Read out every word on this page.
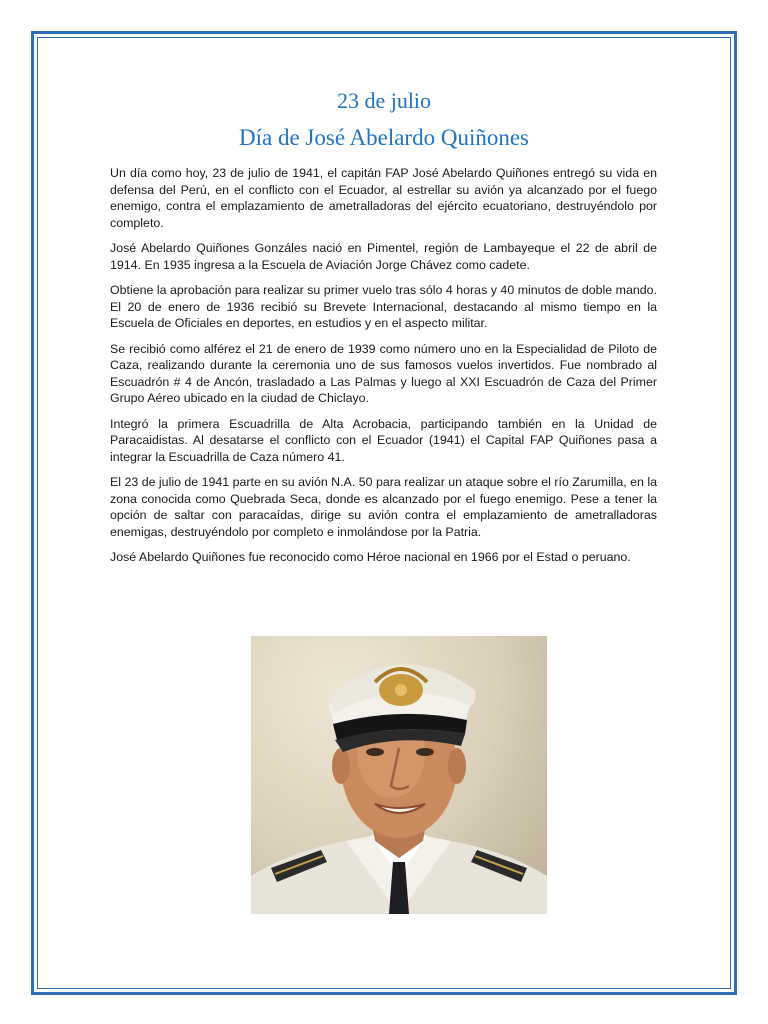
23 de julio
Día de José Abelardo Quiñones

Un día como hoy, 23 de julio de 1941, el capitán FAP José Abelardo Quiñones entregó su vida en defensa del Perú, en el conflicto con el Ecuador, al estrellar su avión ya alcanzado por el fuego enemigo, contra el emplazamiento de ametralladoras del ejército ecuatoriano, destruyéndolo por completo.

José Abelardo Quiñones Gonzáles nació en Pimentel, región de Lambayeque el 22 de abril de 1914. En 1935 ingresa a la Escuela de Aviación Jorge Chávez como cadete.

Obtiene la aprobación para realizar su primer vuelo tras sólo 4 horas y 40 minutos de doble mando. El 20 de enero de 1936 recibió su Brevete Internacional, destacando al mismo tiempo en la Escuela de Oficiales en deportes, en estudios y en el aspecto militar.

Se recibió como alférez el 21 de enero de 1939 como número uno en la Especialidad de Piloto de Caza, realizando durante la ceremonia uno de sus famosos vuelos invertidos. Fue nombrado al Escuadrón # 4 de Ancón, trasladado a Las Palmas y luego al XXI Escuadrón de Caza del Primer Grupo Aéreo ubicado en la ciudad de Chiclayo.

Integró la primera Escuadrilla de Alta Acrobacia, participando también en la Unidad de Paracaidistas. Al desatarse el conflicto con el Ecuador (1941) el Capital FAP Quiñones pasa a integrar la Escuadrilla de Caza número 41.

El 23 de julio de 1941 parte en su avión N.A. 50 para realizar un ataque sobre el río Zarumilla, en la zona conocida como Quebrada Seca, donde es alcanzado por el fuego enemigo. Pese a tener la opción de saltar con paracaídas, dirige su avión contra el emplazamiento de ametralladoras enemigas, destruyéndolo por completo e inmolándose por la Patria.

José Abelardo Quiñones fue reconocido como Héroe nacional en 1966 por el Estad o peruano.
